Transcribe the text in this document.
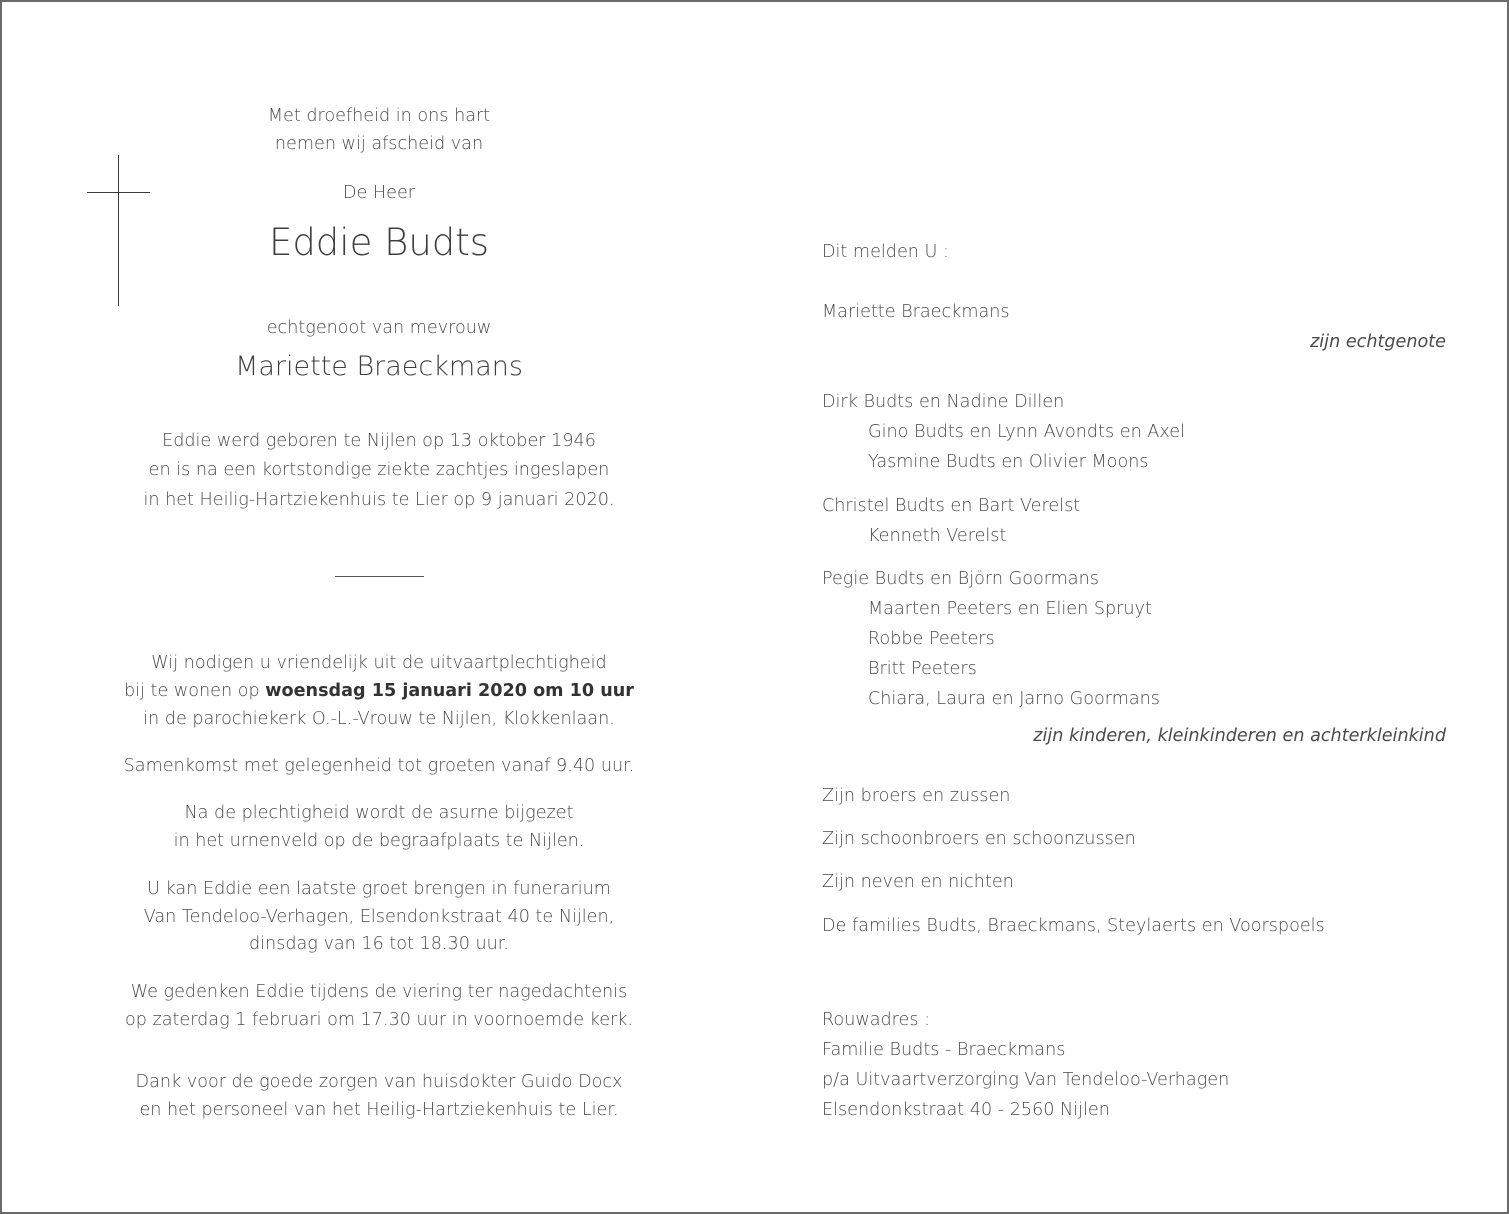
Met droefheid in ons hart
nemen wij afscheid van
De Heer
Eddie Budts
echtgenoot van mevrouw
Mariette Braeckmans
Eddie werd geboren te Nijlen op 13 oktober 1946
en is na een kortstondige ziekte zachtjes ingeslapen
in het Heilig-Hartziekenhuis te Lier op 9 januari 2020.
Wij nodigen u vriendelijk uit de uitvaartplechtigheid
bij te wonen op woensdag 15 januari 2020 om 10 uur
in de parochiekerk O.-L.-Vrouw te Nijlen, Klokkenlaan.
Samenkomst met gelegenheid tot groeten vanaf 9.40 uur.
Na de plechtigheid wordt de asurne bijgezet
in het urnenveld op de begraafplaats te Nijlen.
U kan Eddie een laatste groet brengen in funerarium
Van Tendeloo-Verhagen, Elsendonkstraat 40 te Nijlen,
dinsdag van 16 tot 18.30 uur.
We gedenken Eddie tijdens de viering ter nagedachtenis
op zaterdag 1 februari om 17.30 uur in voornoemde kerk.
Dank voor de goede zorgen van huisdokter Guido Docx
en het personeel van het Heilig-Hartziekenhuis te Lier.
Dit melden U :
Mariette Braeckmans
zijn echtgenote
Dirk Budts en Nadine Dillen
Gino Budts en Lynn Avondts en Axel
Yasmine Budts en Olivier Moons
Christel Budts en Bart Verelst
Kenneth Verelst
Pegie Budts en Björn Goormans
Maarten Peeters en Elien Spruyt
Robbe Peeters
Britt Peeters
Chiara, Laura en Jarno Goormans
zijn kinderen, kleinkinderen en achterkleinkind
Zijn broers en zussen
Zijn schoonbroers en schoonzussen
Zijn neven en nichten
De families Budts, Braeckmans, Steylaerts en Voorspoels
Rouwadres :
Familie Budts - Braeckmans
p/a Uitvaartverzorging Van Tendeloo-Verhagen
Elsendonkstraat 40 - 2560 Nijlen
